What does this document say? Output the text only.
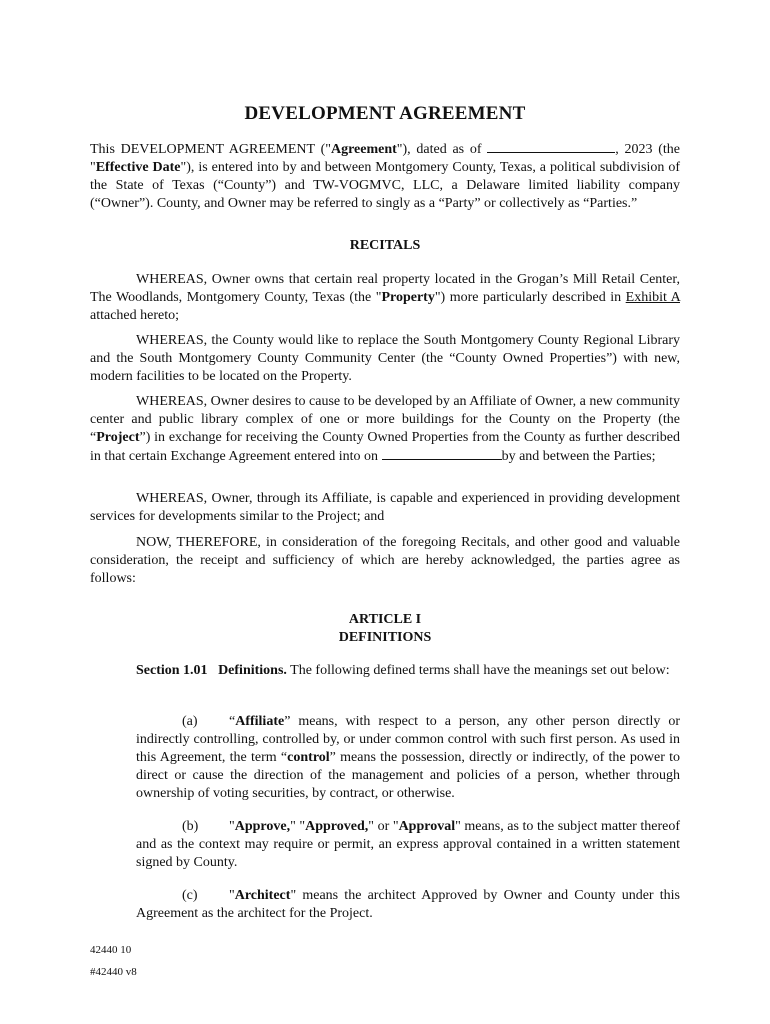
DEVELOPMENT AGREEMENT
This DEVELOPMENT AGREEMENT ("Agreement"), dated as of	, 2023 (the "Effective Date"), is entered into by and between Montgomery County, Texas, a political subdivision of the State of Texas (“County”) and TW-VOGMVC, LLC, a Delaware limited liability company (“Owner”). County, and Owner may be referred to singly as a “Party” or collectively as “Parties.”
RECITALS
WHEREAS, Owner owns that certain real property located in the Grogan’s Mill Retail Center, The Woodlands, Montgomery County, Texas (the "Property") more particularly described in Exhibit A attached hereto;
WHEREAS, the County would like to replace the South Montgomery County Regional Library and the South Montgomery County Community Center (the “County Owned Properties”) with new, modern facilities to be located on the Property.
WHEREAS, Owner desires to cause to be developed by an Affiliate of Owner, a new community center and public library complex of one or more buildings for the County on the Property (the “Project”) in exchange for receiving the County Owned Properties from the County as further described in that certain Exchange Agreement entered into on	by and between the Parties;
WHEREAS, Owner, through its Affiliate, is capable and experienced in providing development services for developments similar to the Project; and
NOW, THEREFORE, in consideration of the foregoing Recitals, and other good and valuable consideration, the receipt and sufficiency of which are hereby acknowledged, the parties agree as follows:
ARTICLE I
DEFINITIONS
Section 1.01 Definitions. The following defined terms shall have the meanings set out below:
(a) “Affiliate” means, with respect to a person, any other person directly or indirectly controlling, controlled by, or under common control with such first person. As used in this Agreement, the term “control” means the possession, directly or indirectly, of the power to direct or cause the direction of the management and policies of a person, whether through ownership of voting securities, by contract, or otherwise.
(b) "Approve," "Approved," or "Approval" means, as to the subject matter thereof and as the context may require or permit, an express approval contained in a written statement signed by County.
(c) "Architect" means the architect Approved by Owner and County under this Agreement as the architect for the Project.
42440 10
#42440 v8
